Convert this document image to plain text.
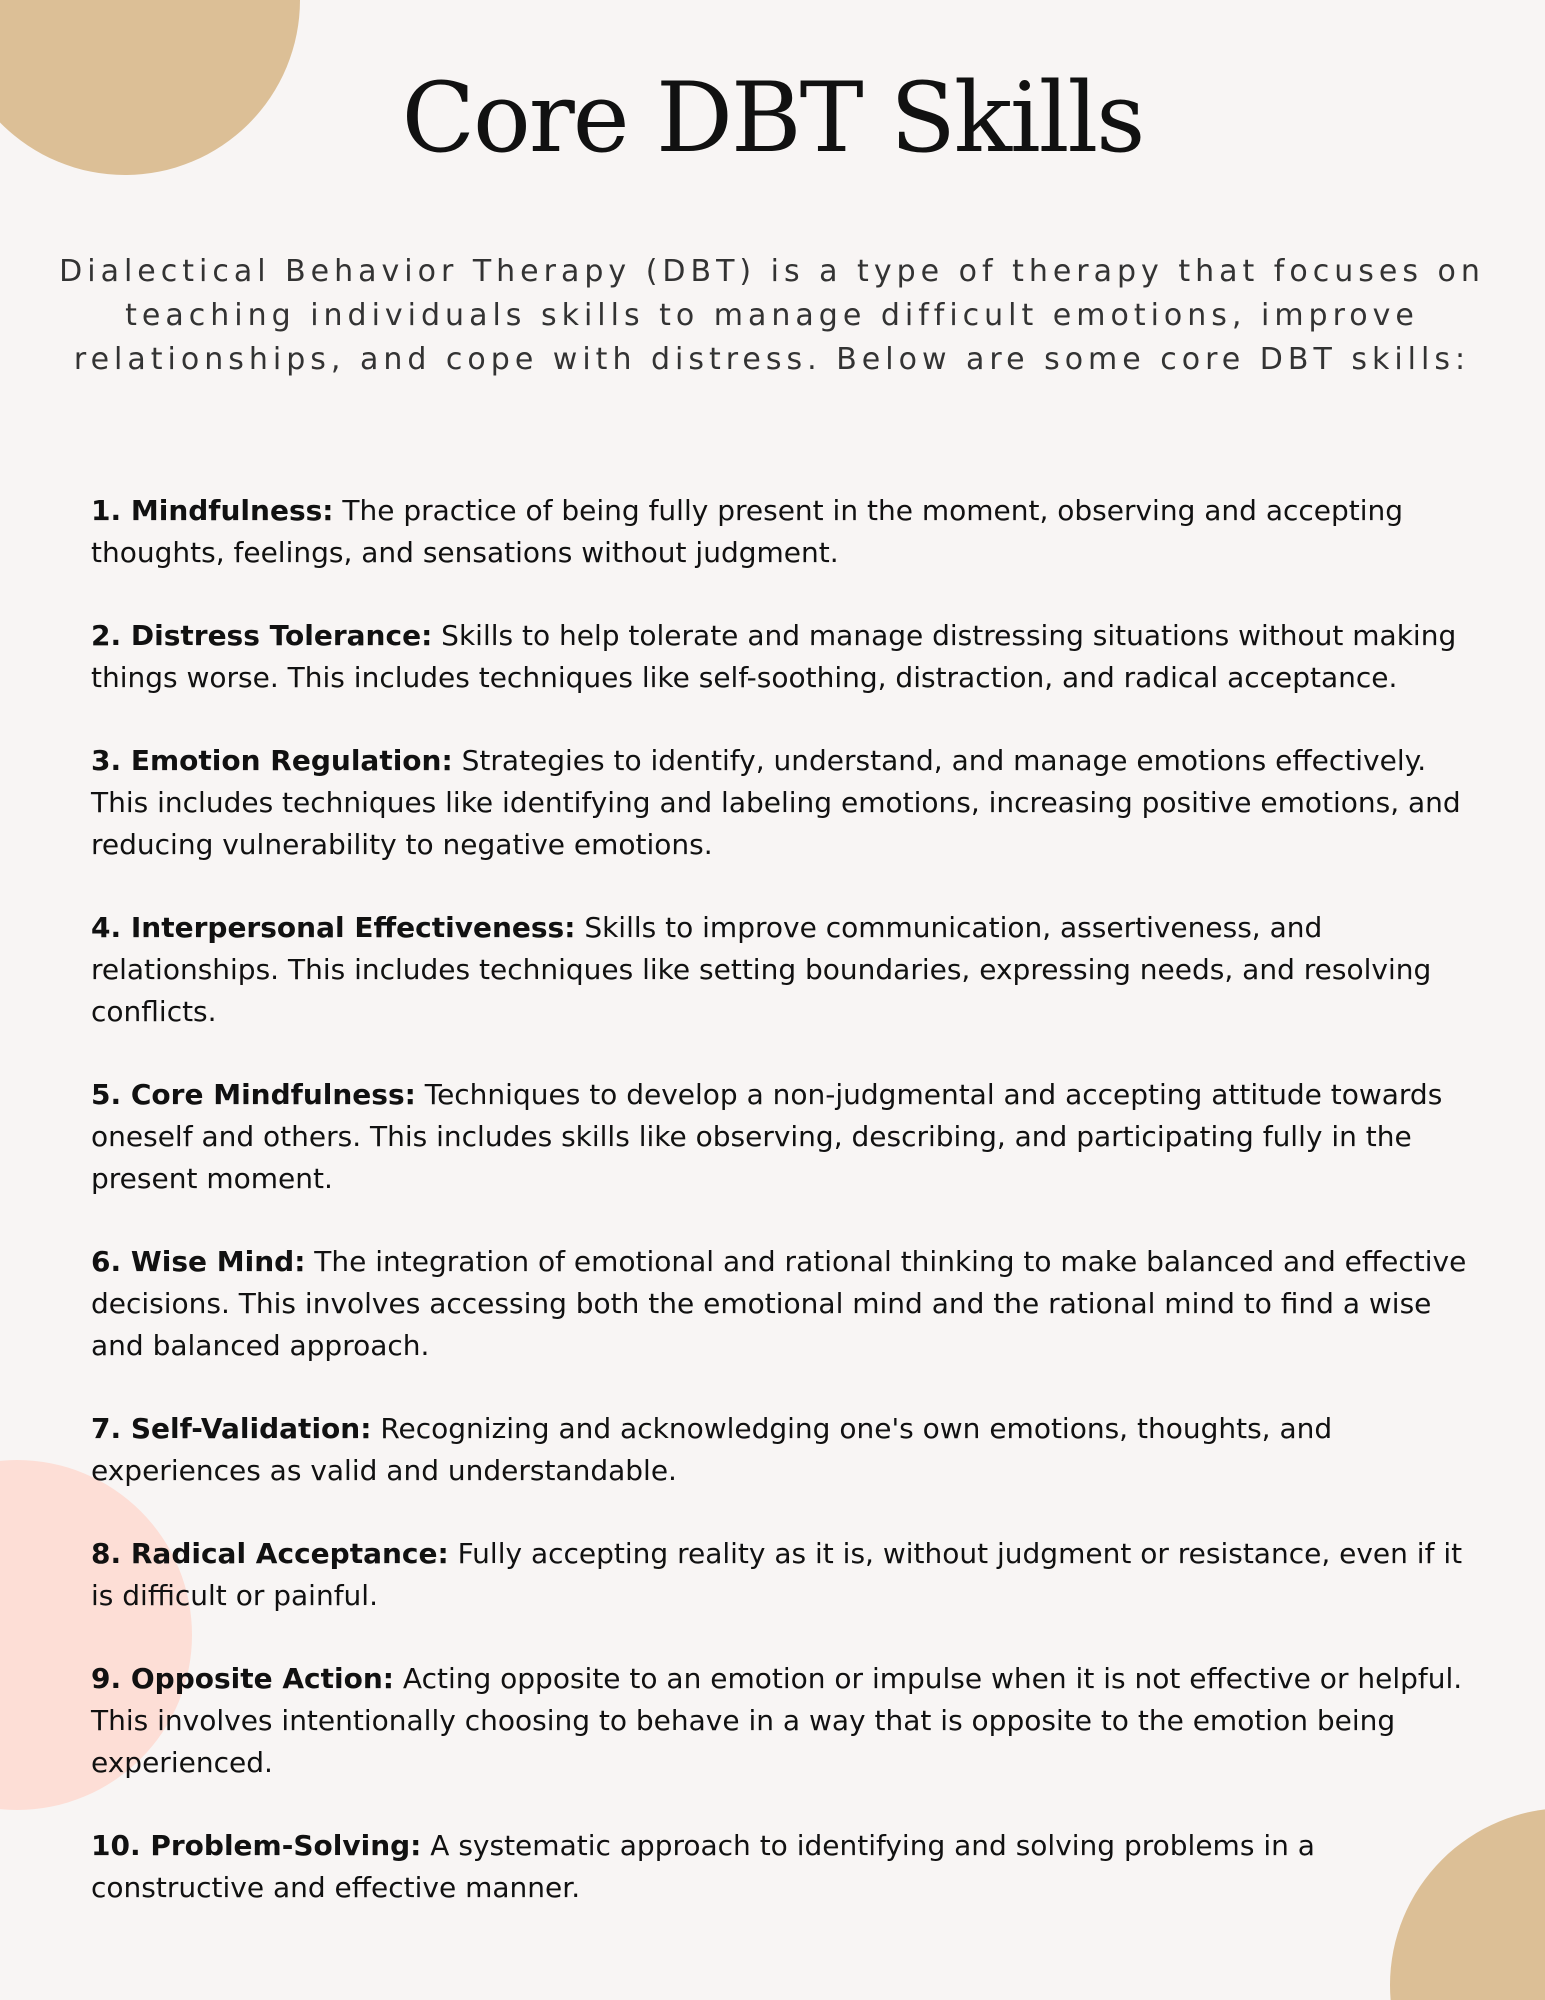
Core DBT Skills

Dialectical Behavior Therapy (DBT) is a type of therapy that focuses on teaching individuals skills to manage difficult emotions, improve relationships, and cope with distress. Below are some core DBT skills:

1. Mindfulness: The practice of being fully present in the moment, observing and accepting thoughts, feelings, and sensations without judgment.
2. Distress Tolerance: Skills to help tolerate and manage distressing situations without making things worse. This includes techniques like self-soothing, distraction, and radical acceptance.
3. Emotion Regulation: Strategies to identify, understand, and manage emotions effectively. This includes techniques like identifying and labeling emotions, increasing positive emotions, and reducing vulnerability to negative emotions.
4. Interpersonal Effectiveness: Skills to improve communication, assertiveness, and relationships. This includes techniques like setting boundaries, expressing needs, and resolving conflicts.
5. Core Mindfulness: Techniques to develop a non-judgmental and accepting attitude towards oneself and others. This includes skills like observing, describing, and participating fully in the present moment.
6. Wise Mind: The integration of emotional and rational thinking to make balanced and effective decisions. This involves accessing both the emotional mind and the rational mind to find a wise and balanced approach.
7. Self-Validation: Recognizing and acknowledging one's own emotions, thoughts, and experiences as valid and understandable.
8. Radical Acceptance: Fully accepting reality as it is, without judgment or resistance, even if it is difficult or painful.
9. Opposite Action: Acting opposite to an emotion or impulse when it is not effective or helpful. This involves intentionally choosing to behave in a way that is opposite to the emotion being experienced.
10. Problem-Solving: A systematic approach to identifying and solving problems in a constructive and effective manner.
